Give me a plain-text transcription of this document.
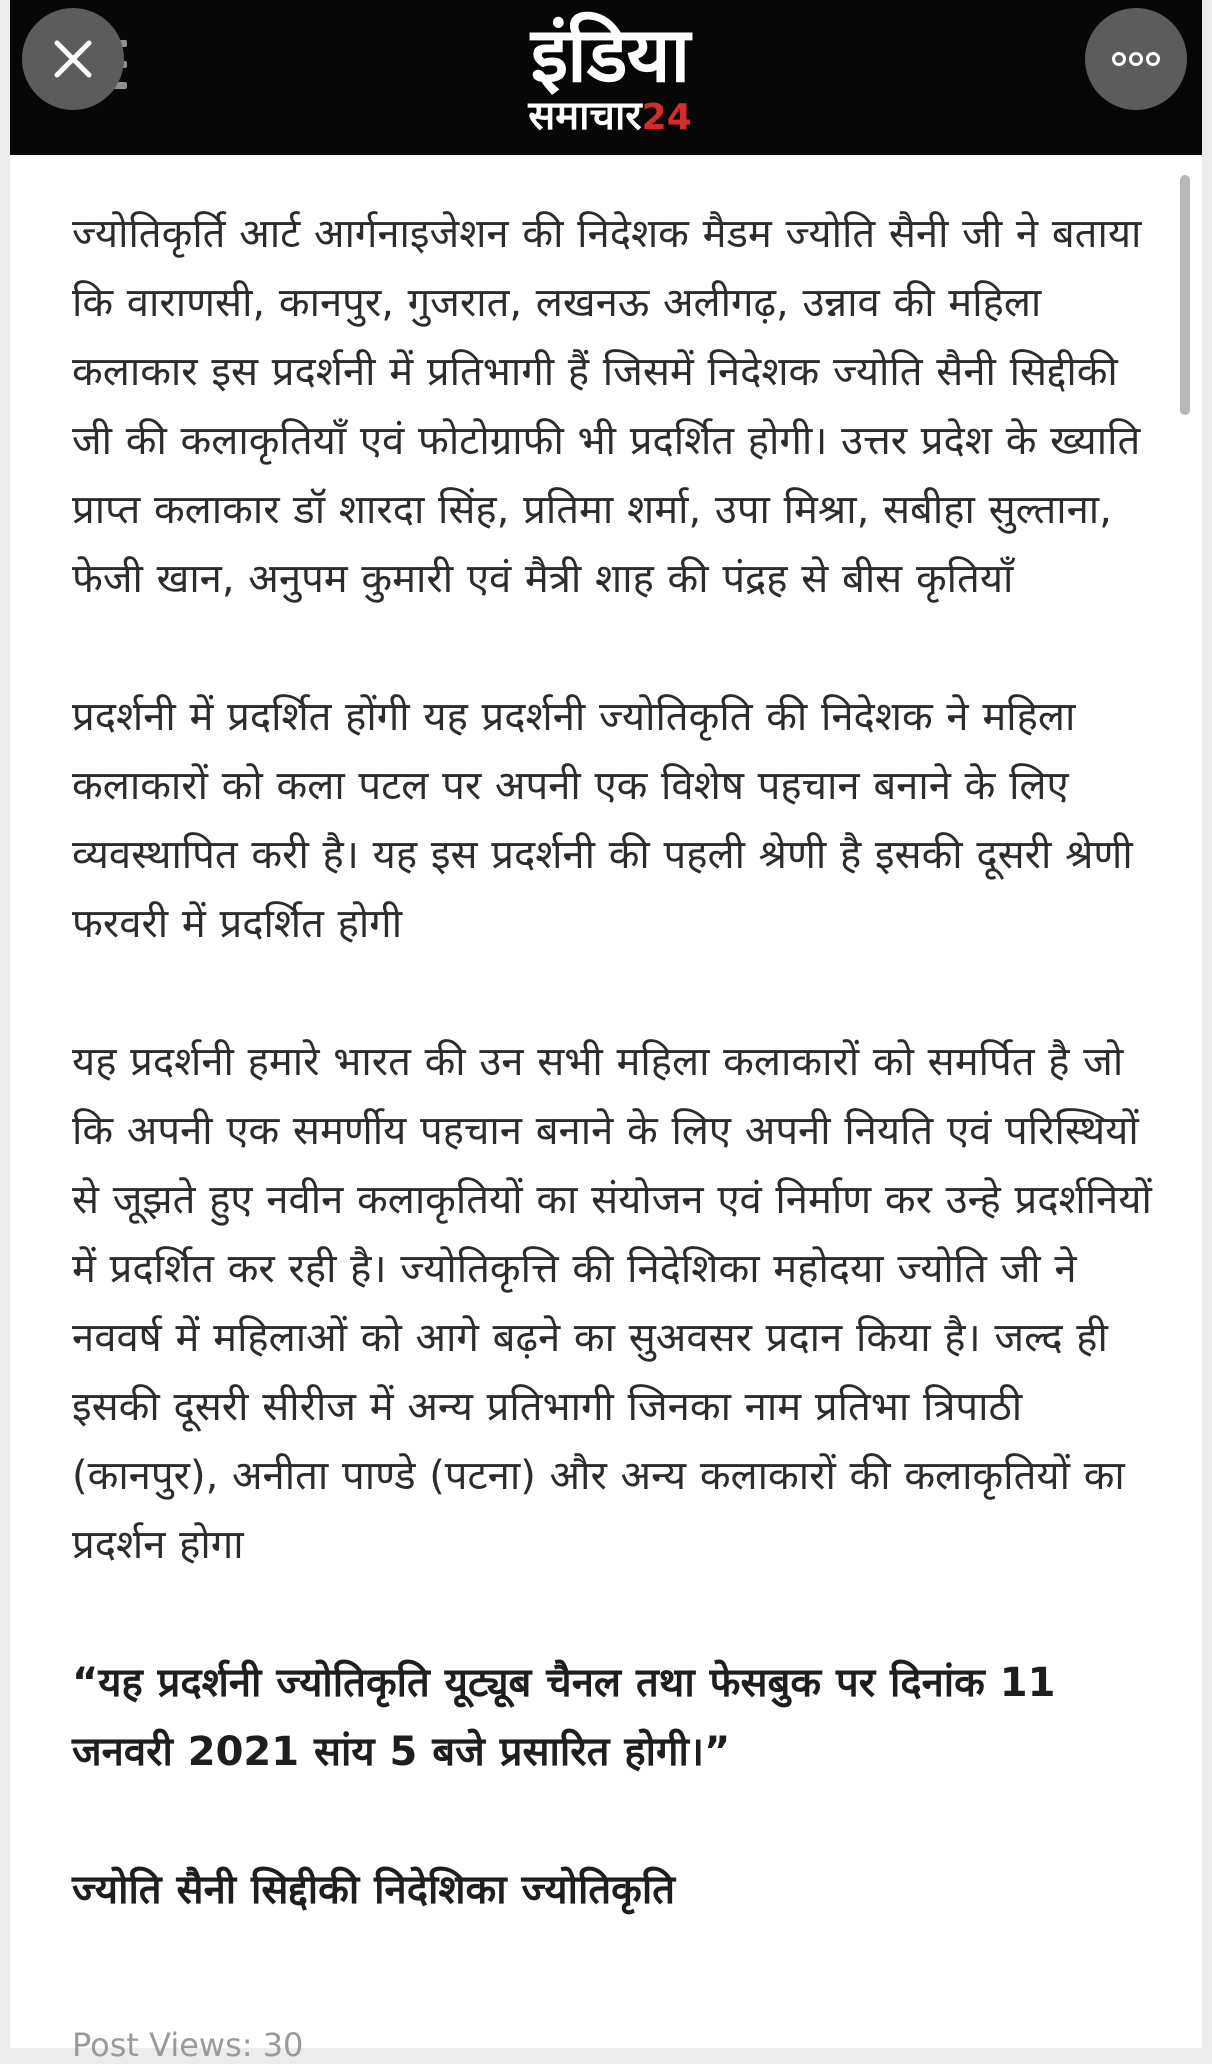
इंडिया
समाचार24

ज्योतिकृर्ति आर्ट आर्गनाइजेशन की निदेशक मैडम ज्योति सैनी जी ने बताया कि वाराणसी, कानपुर, गुजरात, लखनऊ अलीगढ़, उन्नाव की महिला कलाकार इस प्रदर्शनी में प्रतिभागी हैं जिसमें निदेशक ज्योति सैनी सिद्दीकी जी की कलाकृतियाँ एवं फोटोग्राफी भी प्रदर्शित होगी। उत्तर प्रदेश के ख्याति प्राप्त कलाकार डॉ शारदा सिंह, प्रतिमा शर्मा, उपा मिश्रा, सबीहा सुल्ताना, फेजी खान, अनुपम कुमारी एवं मैत्री शाह की पंद्रह से बीस कृतियाँ

प्रदर्शनी में प्रदर्शित होंगी यह प्रदर्शनी ज्योतिकृति की निदेशक ने महिला कलाकारों को कला पटल पर अपनी एक विशेष पहचान बनाने के लिए व्यवस्थापित करी है। यह इस प्रदर्शनी की पहली श्रेणी है इसकी दूसरी श्रेणी फरवरी में प्रदर्शित होगी

यह प्रदर्शनी हमारे भारत की उन सभी महिला कलाकारों को समर्पित है जो कि अपनी एक समर्णीय पहचान बनाने के लिए अपनी नियति एवं परिस्थियों से जूझते हुए नवीन कलाकृतियों का संयोजन एवं निर्माण कर उन्हे प्रदर्शनियों में प्रदर्शित कर रही है। ज्योतिकृत्ति की निदेशिका महोदया ज्योति जी ने नववर्ष में महिलाओं को आगे बढ़ने का सुअवसर प्रदान किया है। जल्द ही इसकी दूसरी सीरीज में अन्य प्रतिभागी जिनका नाम प्रतिभा त्रिपाठी (कानपुर), अनीता पाण्डे (पटना) और अन्य कलाकारों की कलाकृतियों का प्रदर्शन होगा

“यह प्रदर्शनी ज्योतिकृति यूट्यूब चैनल तथा फेसबुक पर दिनांक 11 जनवरी 2021 सांय 5 बजे प्रसारित होगी।”

ज्योति सैनी सिद्दीकी निदेशिका ज्योतिकृति

Post Views: 30
